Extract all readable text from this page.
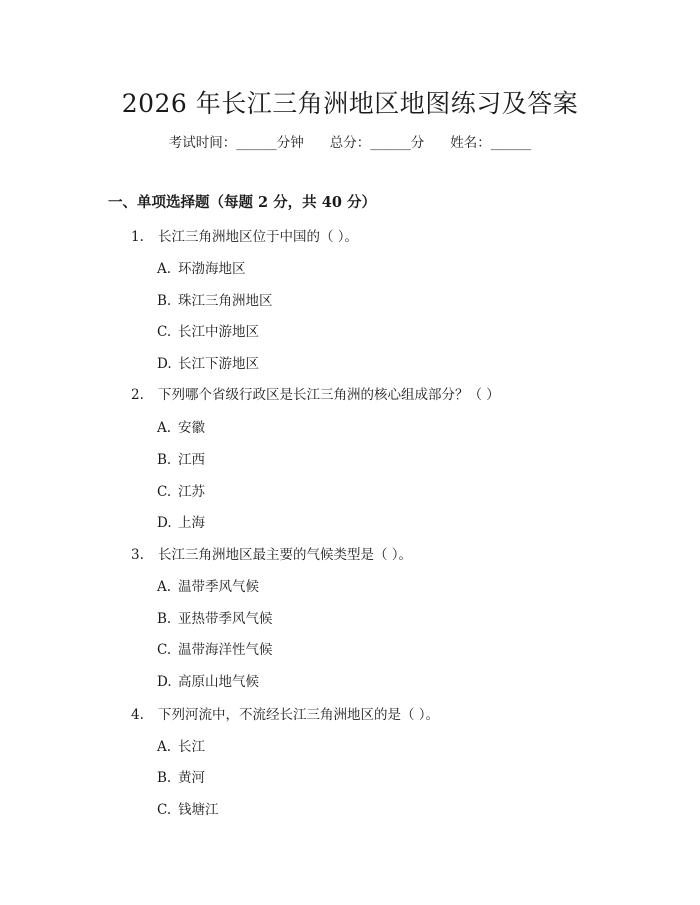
2026 年长江三角洲地区地图练习及答案
考试时间：______分钟 总分：______分 姓名：______
一、单项选择题（每题 2 分，共 40 分）
1. 长江三角洲地区位于中国的（ ）。
A. 环渤海地区
B. 珠江三角洲地区
C. 长江中游地区
D. 长江下游地区
2. 下列哪个省级行政区是长江三角洲的核心组成部分？（ ）
A. 安徽
B. 江西
C. 江苏
D. 上海
3. 长江三角洲地区最主要的气候类型是（ ）。
A. 温带季风气候
B. 亚热带季风气候
C. 温带海洋性气候
D. 高原山地气候
4. 下列河流中，不流经长江三角洲地区的是（ ）。
A. 长江
B. 黄河
C. 钱塘江
